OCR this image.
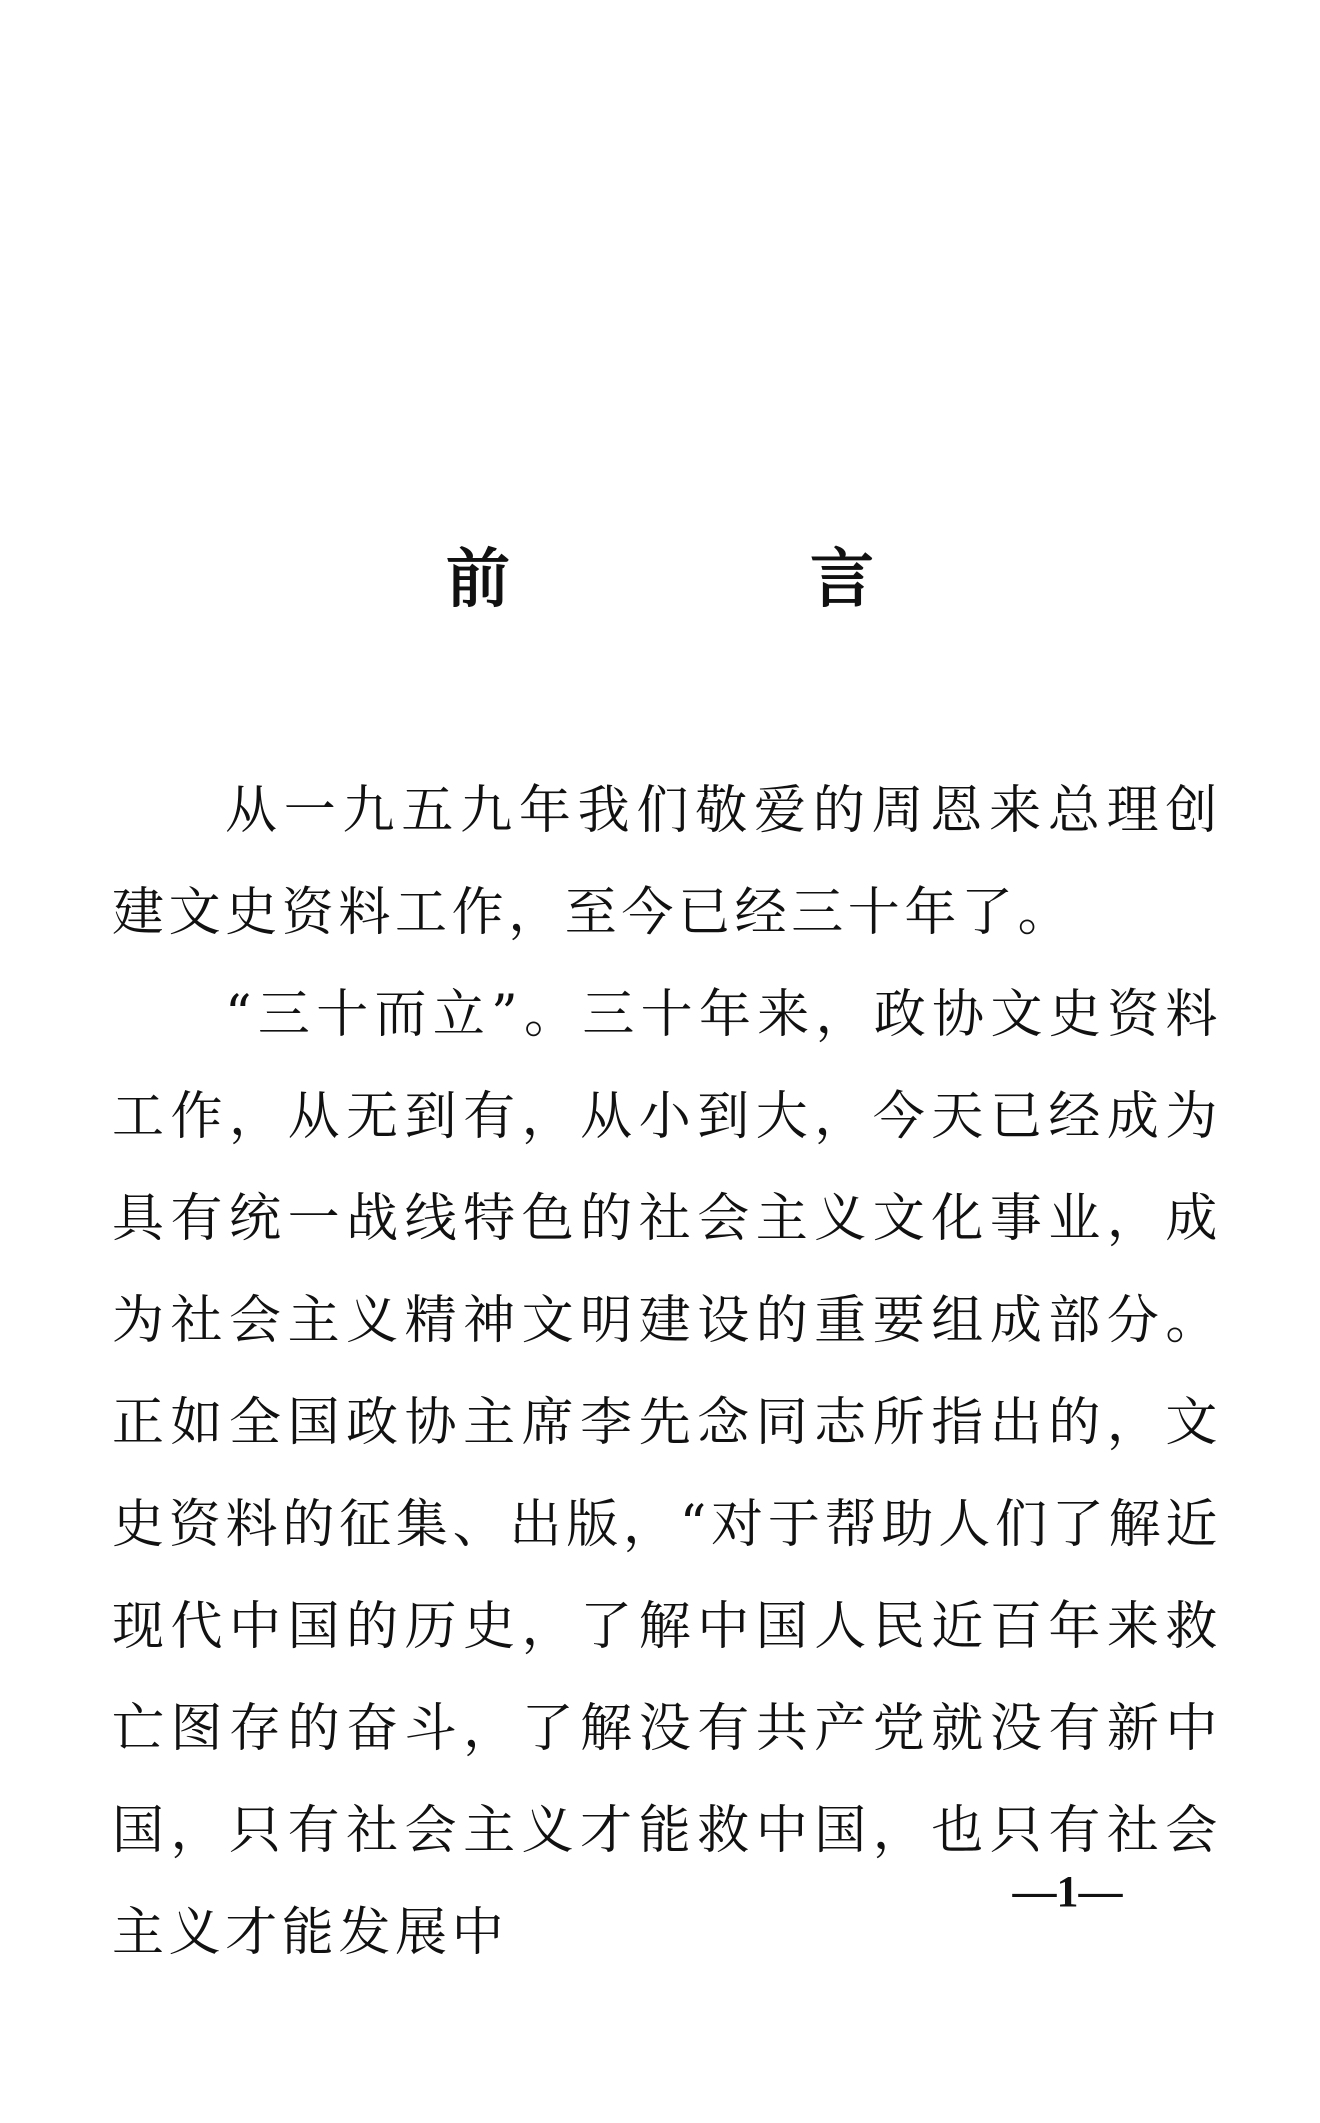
前　言

从一九五九年我们敬爱的周恩来总理创建文史资料工作，至今已经三十年了。

“三十而立”。三十年来，政协文史资料工作，从无到有，从小到大，今天已经成为具有统一战线特色的社会主义文化事业，成为社会主义精神文明建设的重要组成部分。正如全国政协主席李先念同志所指出的，文史资料的征集、出版，“对于帮助人们了解近现代中国的历史，了解中国人民近百年来救亡图存的奋斗，了解没有共产党就没有新中国，只有社会主义才能救中国，也只有社会主义才能发展中

—1—
